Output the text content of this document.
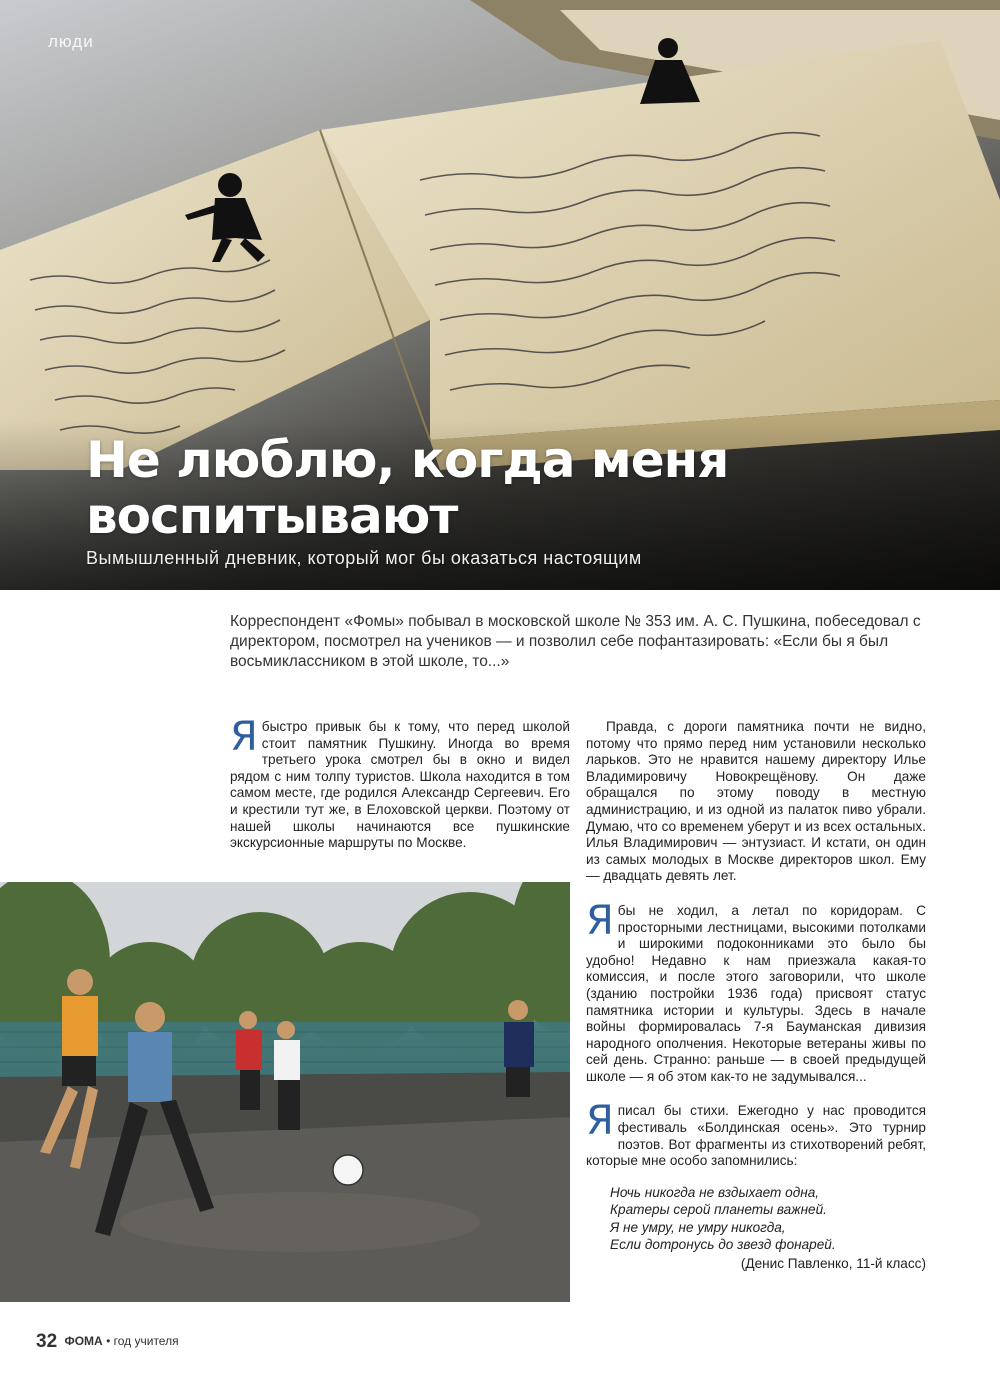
люди
Не люблю, когда меня воспитывают
Вымышленный дневник, который мог бы оказаться настоящим

Корреспондент «Фомы» побывал в московской школе № 353 им. А. С. Пушкина, побеседовал с директором, посмотрел на учеников — и позволил себе пофантазировать: «Если бы я был восьмиклассником в этой школе, то...»

Я быстро привык бы к тому, что перед школой стоит памятник Пушкину. Иногда во время третьего урока смотрел бы в окно и видел рядом с ним толпу туристов. Школа находится в том самом месте, где родился Александр Сергеевич. Его и крестили тут же, в Елоховской церкви. Поэтому от нашей школы начинаются все пушкинские экскурсионные маршруты по Москве.

Правда, с дороги памятника почти не видно, потому что прямо перед ним установили несколько ларьков. Это не нравится нашему директору Илье Владимировичу Новокрещёнову. Он даже обращался по этому поводу в местную администрацию, и из одной из палаток пиво убрали. Думаю, что со временем уберут и из всех остальных. Илья Владимирович — энтузиаст. И кстати, он один из самых молодых в Москве директоров школ. Ему — двадцать девять лет.

Я бы не ходил, а летал по коридорам. С просторными лестницами, высокими потолками и широкими подоконниками это было бы удобно! Недавно к нам приезжала какая-то комиссия, и после этого заговорили, что школе (зданию постройки 1936 года) присвоят статус памятника истории и культуры. Здесь в начале войны формировалась 7-я Бауманская дивизия народного ополчения. Некоторые ветераны живы по сей день. Странно: раньше — в своей предыдущей школе — я об этом как-то не задумывался...

Я писал бы стихи. Ежегодно у нас проводится фестиваль «Болдинская осень». Это турнир поэтов. Вот фрагменты из стихотворений ребят, которые мне особо запомнились:

Ночь никогда не вздыхает одна,
Кратеры серой планеты важней.
Я не умру, не умру никогда,
Если дотронусь до звезд фонарей.
(Денис Павленко, 11-й класс)
32 ФОМА • год учителя
